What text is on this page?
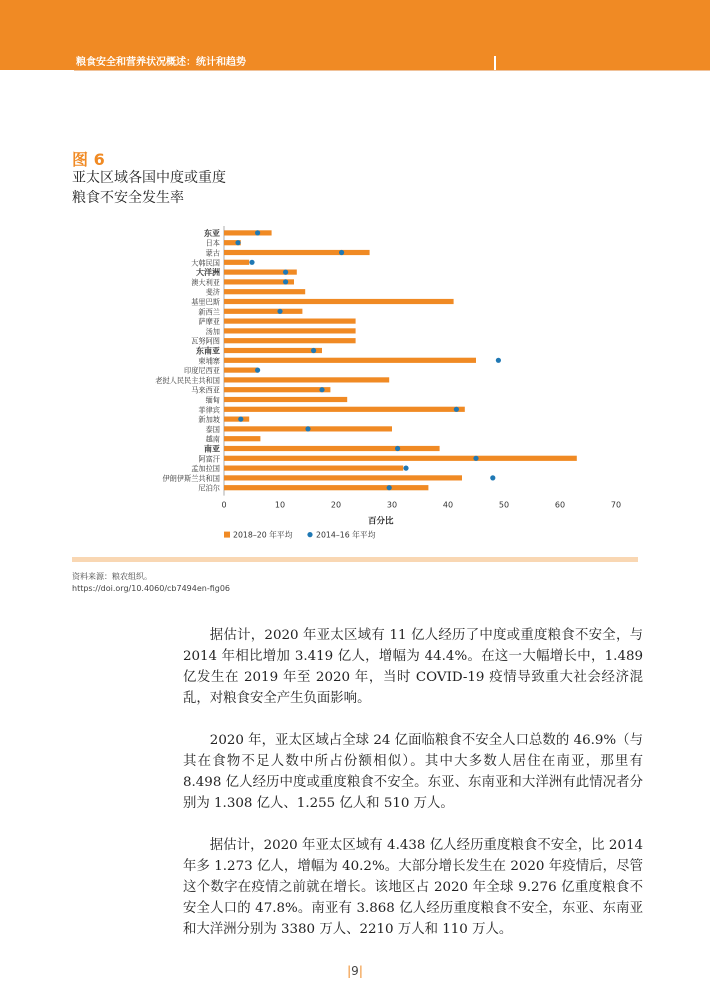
粮食安全和营养状况概述：统计和趋势
图 6
亚太区域各国中度或重度
粮食不安全发生率
东亚
日本
蒙古
大韩民国
大洋洲
澳大利亚
斐济
基里巴斯
新西兰
萨摩亚
汤加
瓦努阿图
东南亚
柬埔寨
印度尼西亚
老挝人民民主共和国
马来西亚
缅甸
菲律宾
新加坡
泰国
越南
南亚
阿富汗
孟加拉国
伊朗伊斯兰共和国
尼泊尔
0	10	20	30	40	50	60	70
百分比
2018–20 年平均	2014–16 年平均
资料来源：粮农组织。
https://doi.org/10.4060/cb7494en-fig06

据估计，2020 年亚太区域有 11 亿人经历了中度或重度粮食不安全，与 2014 年相比增加 3.419 亿人，增幅为 44.4%。在这一大幅增长中，1.489 亿发生在 2019 年至 2020 年，当时 COVID-19 疫情导致重大社会经济混乱，对粮食安全产生负面影响。

2020 年，亚太区域占全球 24 亿面临粮食不安全人口总数的 46.9%（与其在食物不足人数中所占份额相似）。其中大多数人居住在南亚，那里有 8.498 亿人经历中度或重度粮食不安全。东亚、东南亚和大洋洲有此情况者分别为 1.308 亿人、1.255 亿人和 510 万人。

据估计，2020 年亚太区域有 4.438 亿人经历重度粮食不安全，比 2014 年多 1.273 亿人，增幅为 40.2%。大部分增长发生在 2020 年疫情后，尽管这个数字在疫情之前就在增长。该地区占 2020 年全球 9.276 亿重度粮食不安全人口的 47.8%。南亚有 3.868 亿人经历重度粮食不安全，东亚、东南亚和大洋洲分别为 3380 万人、2210 万人和 110 万人。

|9|
